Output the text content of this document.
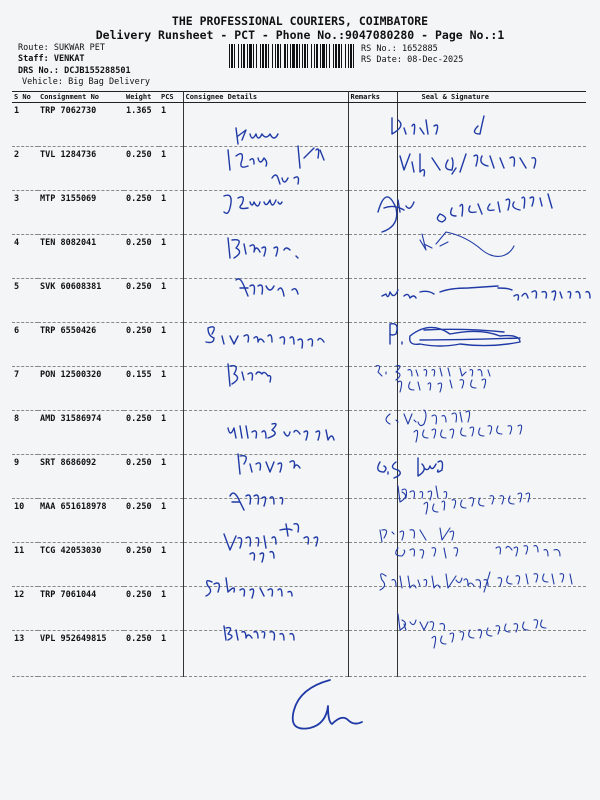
THE PROFESSIONAL COURIERS, COIMBATORE
Delivery Runsheet - PCT - Phone No.:9047080280 - Page No.:1
Route: SUKWAR PET
Staff: VENKAT
DRS No.: DCJB155288501
Vehicle: Big Bag Delivery
RS No.: 1652885
RS Date: 08-Dec-2025
S No	Consignment No	Weight	PCS	Consignee Details	Remarks	Seal & Signature
1	TRP 7062730	1.365	1			
2	TVL 1284736	0.250	1			
3	MTP 3155069	0.250	1			
4	TEN 8082041	0.250	1			
5	SVK 60608381	0.250	1			
6	TRP 6550426	0.250	1			
7	PON 12500320	0.155	1			
8	AMD 31586974	0.250	1			
9	SRT 8686092	0.250	1			
10	MAA 651618978	0.250	1			
11	TCG 42053030	0.250	1			
12	TRP 7061044	0.250	1			
13	VPL 952649815	0.250	1			
